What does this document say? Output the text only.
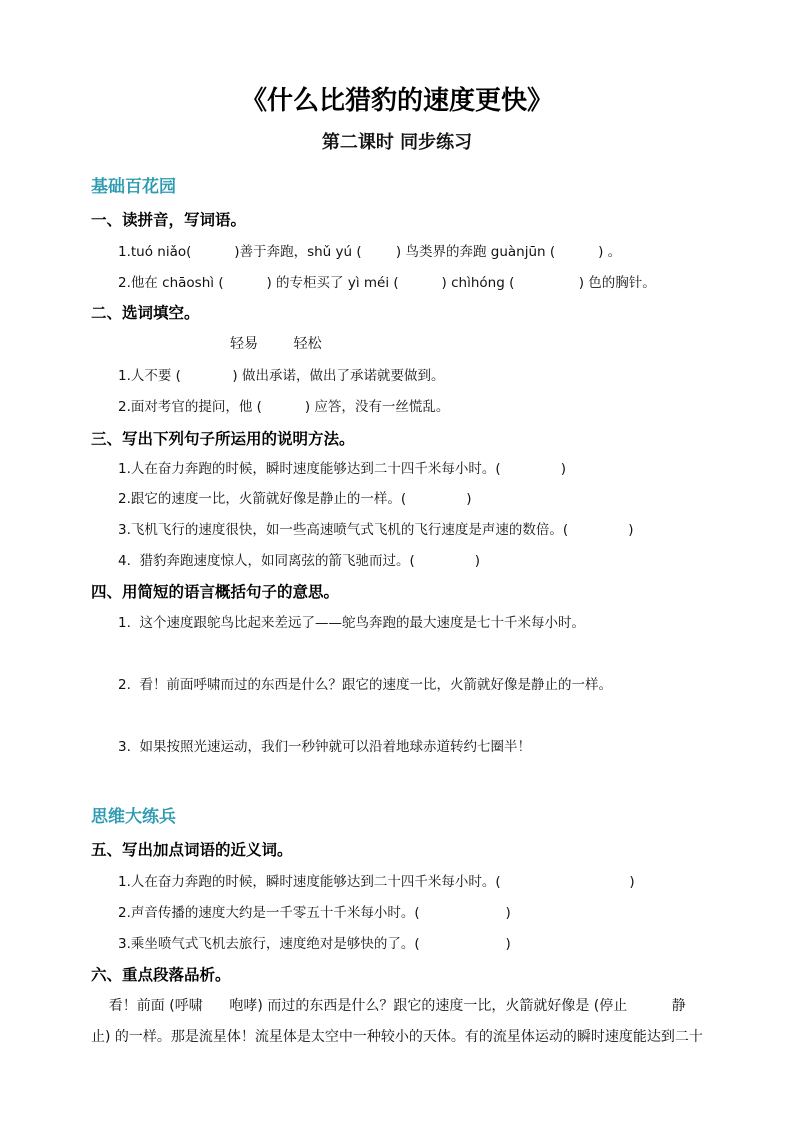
《什么比猎豹的速度更快》
第二课时 同步练习
基础百花园
一、读拼音，写词语。
1.tuó niǎo(          )善于奔跑，shǔ yú (        ) 鸟类界的奔跑 guànjūn (          ) 。
2.他在 chāoshì (          ) 的专柜买了 yì méi (          ) chìhóng (               ) 色的胸针。
二、选词填空。
轻易        轻松
1.人不要 (            ) 做出承诺，做出了承诺就要做到。
2.面对考官的提问，他 (          ) 应答，没有一丝慌乱。
三、写出下列句子所运用的说明方法。
1.人在奋力奔跑的时候，瞬时速度能够达到二十四千米每小时。(              )
2.跟它的速度一比，火箭就好像是静止的一样。(              )
3.飞机飞行的速度很快，如一些高速喷气式飞机的飞行速度是声速的数倍。(              )
4.  猎豹奔跑速度惊人，如同离弦的箭飞驰而过。(              )
四、用简短的语言概括句子的意思。
1.  这个速度跟鸵鸟比起来差远了——鸵鸟奔跑的最大速度是七十千米每小时。
2.  看！前面呼啸而过的东西是什么？跟它的速度一比，火箭就好像是静止的一样。
3.  如果按照光速运动，我们一秒钟就可以沿着地球赤道转约七圈半！
思维大练兵
五、写出加点词语的近义词。
1.人在奋力奔跑的时候，瞬时速度能够达到二十四千米每小时。(                              )
2.声音传播的速度大约是一千零五十千米每小时。(                    )
3.乘坐喷气式飞机去旅行，速度绝对是够快的了。(                    )
六、重点段落品析。
看！前面 (呼啸      咆哮) 而过的东西是什么？跟它的速度一比，火箭就好像是 (停止          静
止) 的一样。那是流星体！流星体是太空中一种较小的天体。有的流星体运动的瞬时速度能达到二十
